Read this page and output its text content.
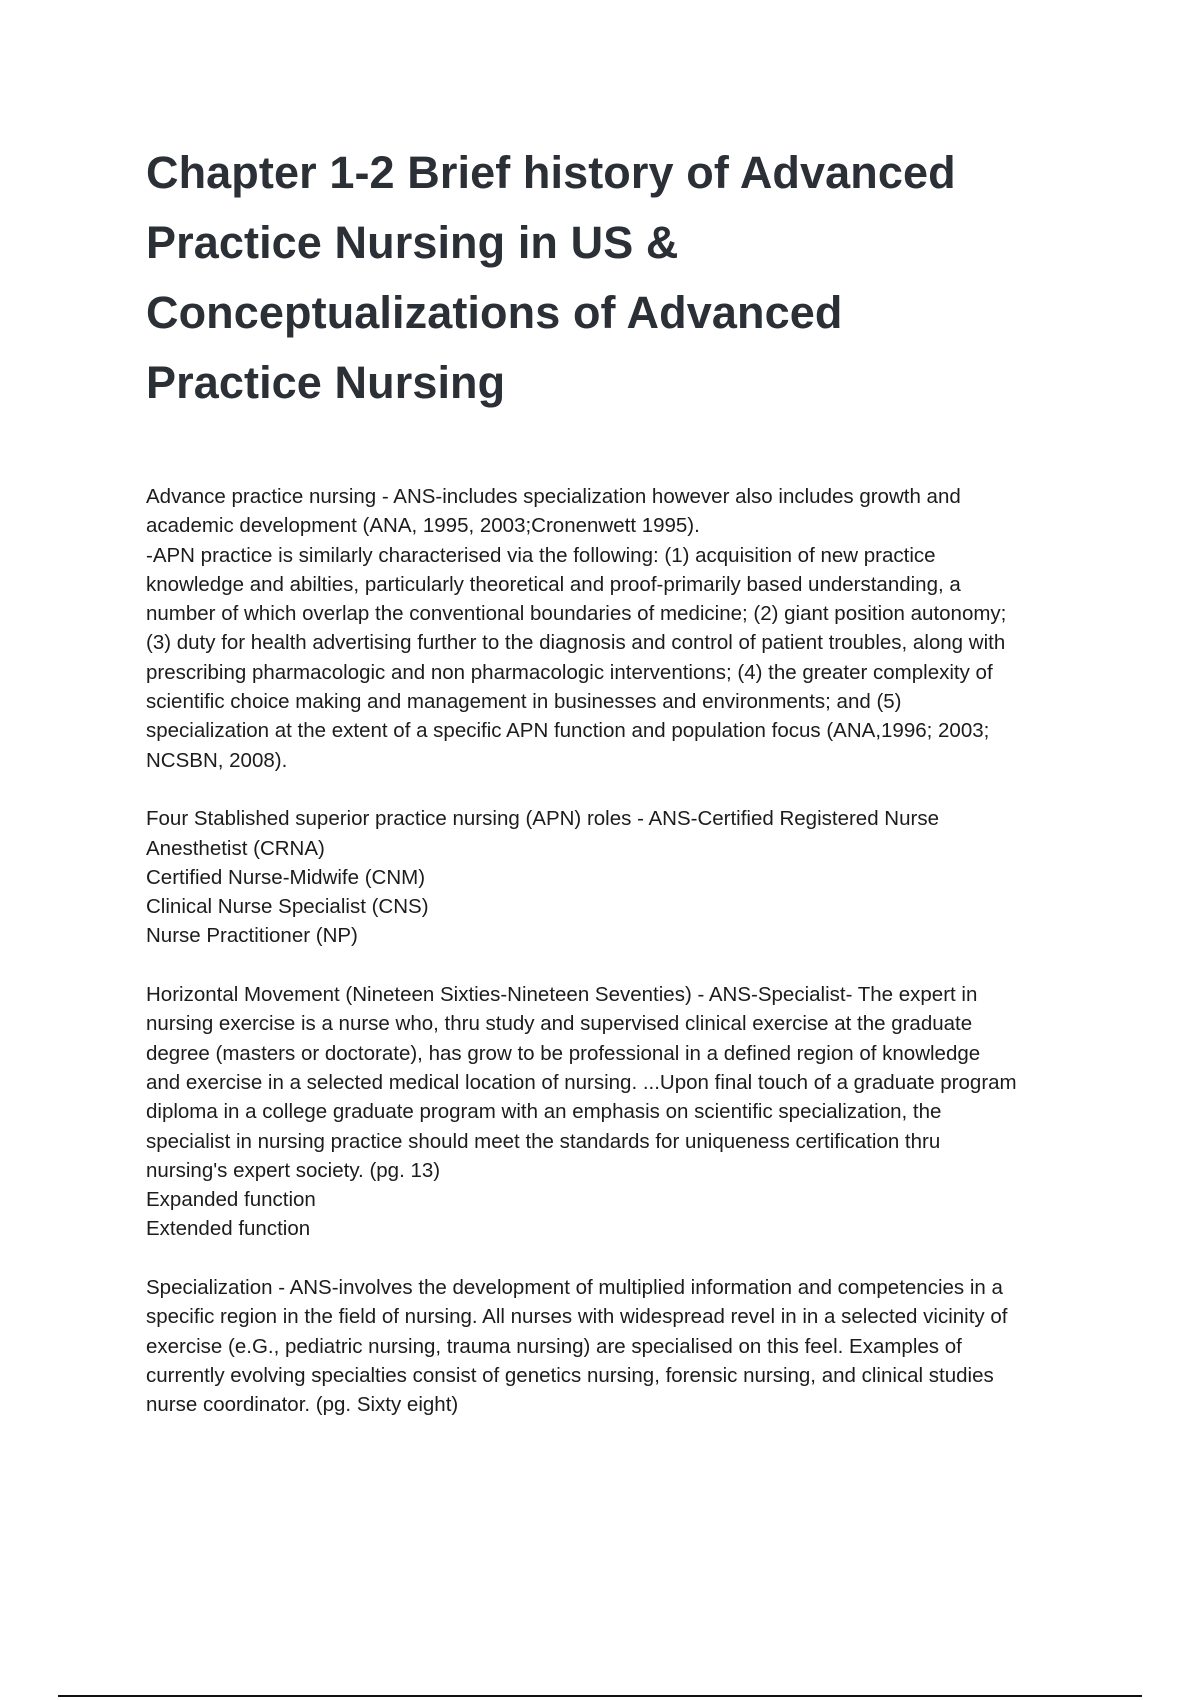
Chapter 1-2 Brief history of Advanced
Practice Nursing in US &
Conceptualizations of Advanced
Practice Nursing

Advance practice nursing - ANS-includes specialization however also includes growth and
academic development (ANA, 1995, 2003;Cronenwett 1995).
-APN practice is similarly characterised via the following: (1) acquisition of new practice
knowledge and abilties, particularly theoretical and proof-primarily based understanding, a
number of which overlap the conventional boundaries of medicine; (2) giant position autonomy;
(3) duty for health advertising further to the diagnosis and control of patient troubles, along with
prescribing pharmacologic and non pharmacologic interventions; (4) the greater complexity of
scientific choice making and management in businesses and environments; and (5)
specialization at the extent of a specific APN function and population focus (ANA,1996; 2003;
NCSBN, 2008).

Four Stablished superior practice nursing (APN) roles - ANS-Certified Registered Nurse
Anesthetist (CRNA)
Certified Nurse-Midwife (CNM)
Clinical Nurse Specialist (CNS)
Nurse Practitioner (NP)

Horizontal Movement (Nineteen Sixties-Nineteen Seventies) - ANS-Specialist- The expert in
nursing exercise is a nurse who, thru study and supervised clinical exercise at the graduate
degree (masters or doctorate), has grow to be professional in a defined region of knowledge
and exercise in a selected medical location of nursing. ...Upon final touch of a graduate program
diploma in a college graduate program with an emphasis on scientific specialization, the
specialist in nursing practice should meet the standards for uniqueness certification thru
nursing's expert society. (pg. 13)
Expanded function
Extended function

Specialization - ANS-involves the development of multiplied information and competencies in a
specific region in the field of nursing. All nurses with widespread revel in in a selected vicinity of
exercise (e.G., pediatric nursing, trauma nursing) are specialised on this feel. Examples of
currently evolving specialties consist of genetics nursing, forensic nursing, and clinical studies
nurse coordinator. (pg. Sixty eight)
